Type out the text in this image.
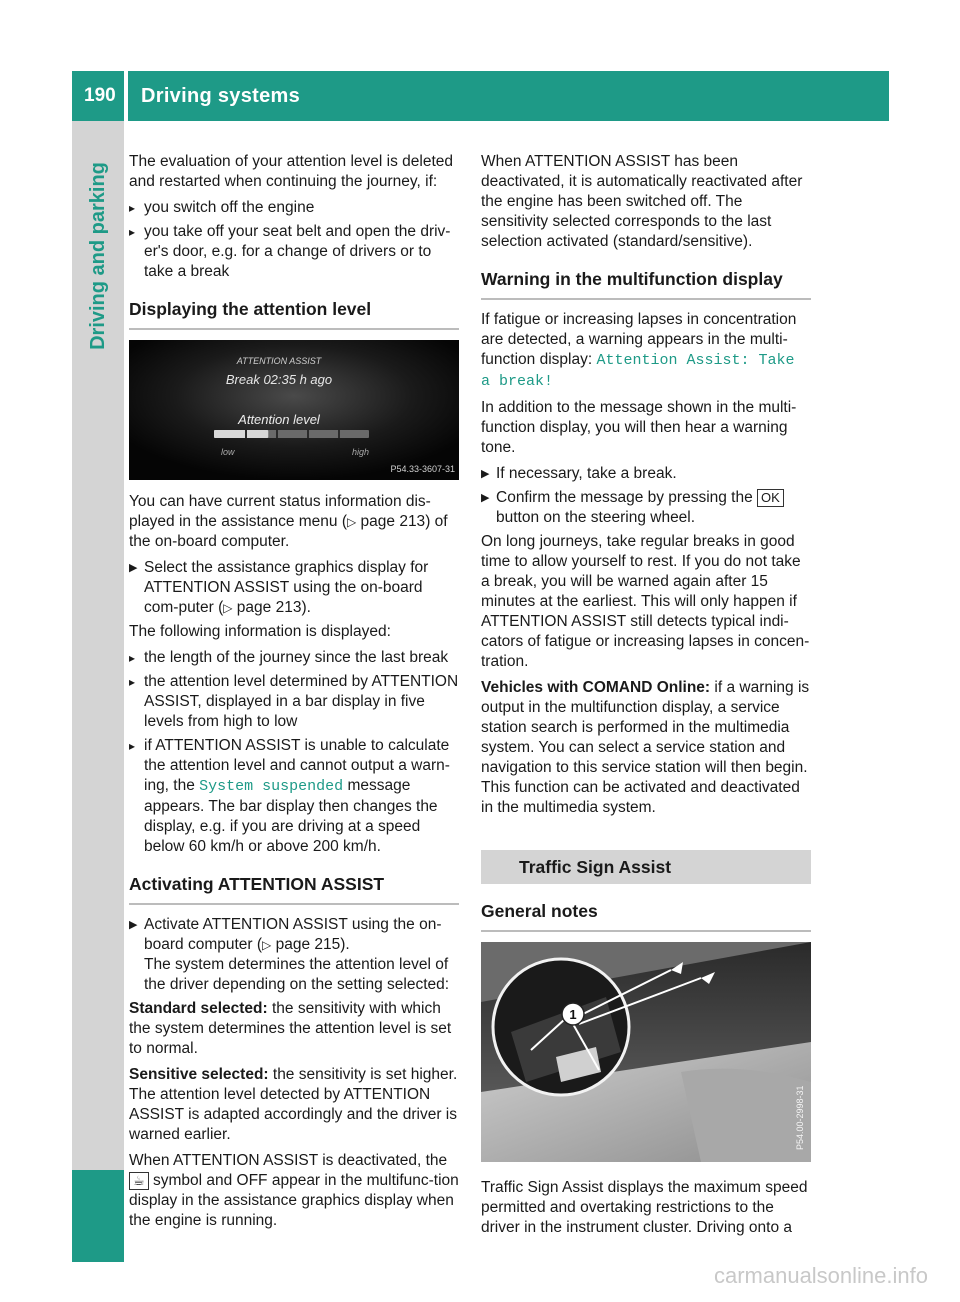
190	Driving systems
Driving and parking

The evaluation of your attention level is deleted and restarted when continuing the journey, if:

▸ you switch off the engine
▸ you take off your seat belt and open the driv-er's door, e.g. for a change of drivers or to take a break
Displaying the attention level
ATTENTION ASSIST
Break 02:35 h ago
Attention level
low	high
P54.33-3607-31

You can have current status information dis-played in the assistance menu (▷ page 213) of the on-board computer.

▶ Select the assistance graphics display for ATTENTION ASSIST using the on-board com-puter (▷ page 213).

The following information is displayed:

▸ the length of the journey since the last break
▸ the attention level determined by ATTENTION ASSIST, displayed in a bar display in five levels from high to low
▸ if ATTENTION ASSIST is unable to calculate the attention level and cannot output a warn-ing, the System suspended message appears. The bar display then changes the display, e.g. if you are driving at a speed below 60 km/h or above 200 km/h.
Activating ATTENTION ASSIST
▶ Activate ATTENTION ASSIST using the on-board computer (▷ page 215).
The system determines the attention level of the driver depending on the setting selected:

Standard selected: the sensitivity with which the system determines the attention level is set to normal.

Sensitive selected: the sensitivity is set higher. The attention level detected by ATTENTION ASSIST is adapted accordingly and the driver is warned earlier.

When ATTENTION ASSIST is deactivated, the ☕ symbol and OFF appear in the multifunc-tion display in the assistance graphics display when the engine is running.

When ATTENTION ASSIST has been deactivated, it is automatically reactivated after the engine has been switched off. The sensitivity selected corresponds to the last selection activated (standard/sensitive).

Warning in the multifunction display

If fatigue or increasing lapses in concentration are detected, a warning appears in the multi-function display: Attention Assist: Take a break!

In addition to the message shown in the multi-function display, you will then hear a warning tone.

▶ If necessary, take a break.
▶ Confirm the message by pressing the OK button on the steering wheel.

On long journeys, take regular breaks in good time to allow yourself to rest. If you do not take a break, you will be warned again after 15 minutes at the earliest. This will only happen if ATTENTION ASSIST still detects typical indi-cators of fatigue or increasing lapses in concen-tration.

Vehicles with COMAND Online: if a warning is output in the multifunction display, a service station search is performed in the multimedia system. You can select a service station and navigation to this service station will then begin. This function can be activated and deactivated in the multimedia system.

Traffic Sign Assist
General notes
1
P54.00-2998-31

Traffic Sign Assist displays the maximum speed permitted and overtaking restrictions to the driver in the instrument cluster. Driving onto a

carmanualsonline.info
